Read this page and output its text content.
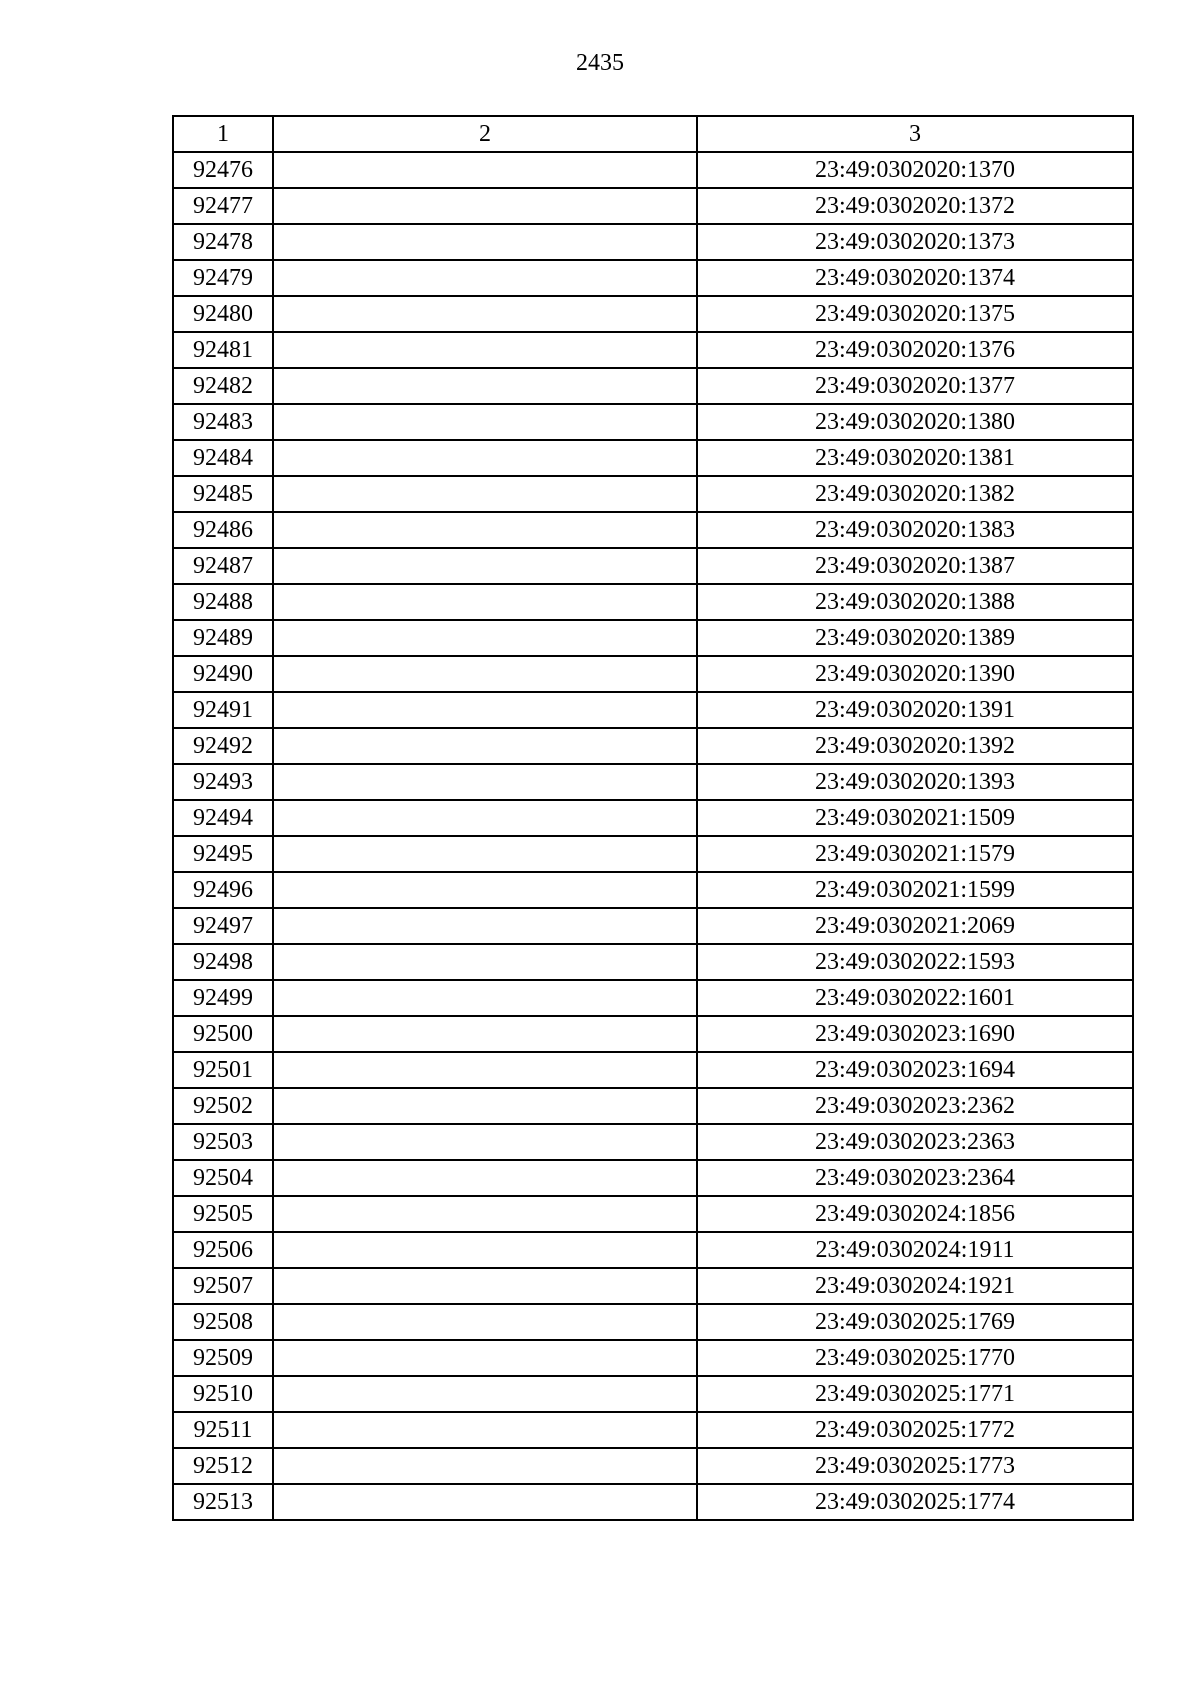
2435
1	2	3
92476		23:49:0302020:1370
92477		23:49:0302020:1372
92478		23:49:0302020:1373
92479		23:49:0302020:1374
92480		23:49:0302020:1375
92481		23:49:0302020:1376
92482		23:49:0302020:1377
92483		23:49:0302020:1380
92484		23:49:0302020:1381
92485		23:49:0302020:1382
92486		23:49:0302020:1383
92487		23:49:0302020:1387
92488		23:49:0302020:1388
92489		23:49:0302020:1389
92490		23:49:0302020:1390
92491		23:49:0302020:1391
92492		23:49:0302020:1392
92493		23:49:0302020:1393
92494		23:49:0302021:1509
92495		23:49:0302021:1579
92496		23:49:0302021:1599
92497		23:49:0302021:2069
92498		23:49:0302022:1593
92499		23:49:0302022:1601
92500		23:49:0302023:1690
92501		23:49:0302023:1694
92502		23:49:0302023:2362
92503		23:49:0302023:2363
92504		23:49:0302023:2364
92505		23:49:0302024:1856
92506		23:49:0302024:1911
92507		23:49:0302024:1921
92508		23:49:0302025:1769
92509		23:49:0302025:1770
92510		23:49:0302025:1771
92511		23:49:0302025:1772
92512		23:49:0302025:1773
92513		23:49:0302025:1774
